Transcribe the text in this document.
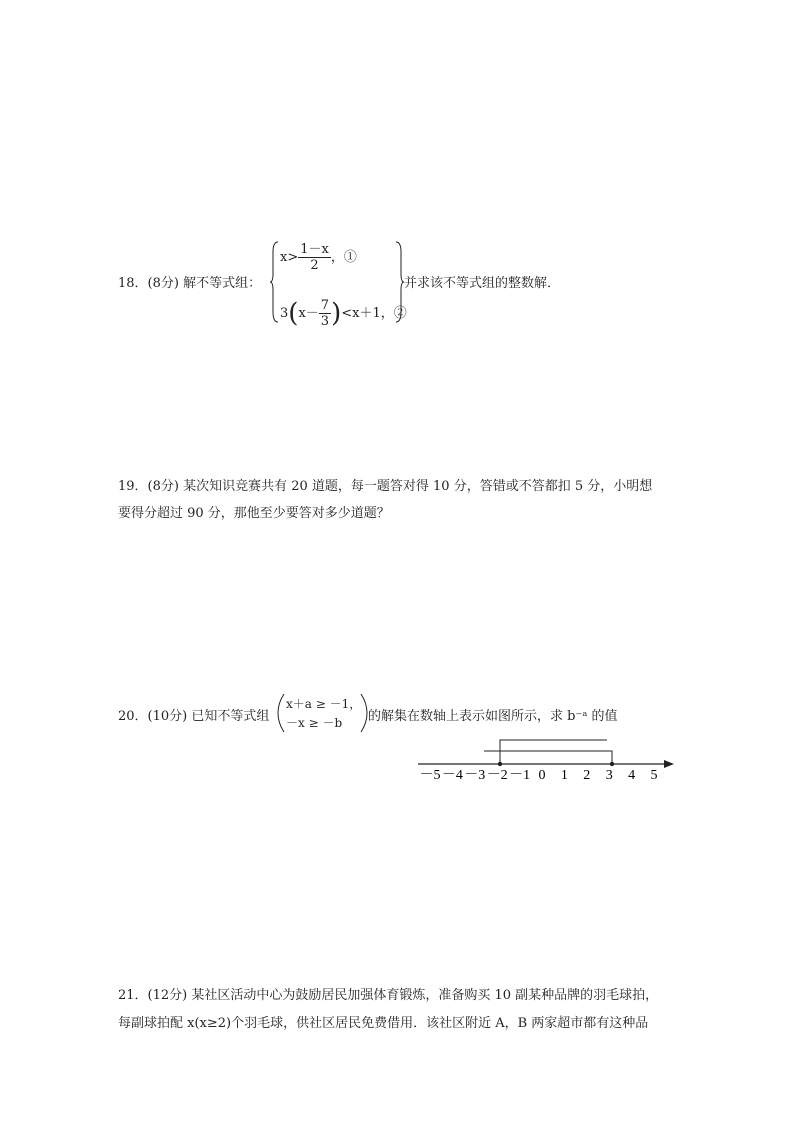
18．(8分) 解不等式组：
$x> \frac{1-x}{2}$ ，①
$3(x- \frac{7}{3} )<x+1$，②
并求该不等式组的整数解．
19．(8分) 某次知识竞赛共有 20 道题，每一题答对得 10 分，答错或不答都扣 5 分，小明想
要得分超过 90 分，那他至少要答对多少道题？
20．(10分) 已知不等式组
x＋a ≥ －1，
－x ≥ －b 的解集在数轴上表示如图所示，求 b⁻ᵃ 的值
－5 －4 －3 －2 －1 0 1 2 3 4 5
21．(12分) 某社区活动中心为鼓励居民加强体育锻炼，准备购买 10 副某种品牌的羽毛球拍，
每副球拍配 x(x≥2)个羽毛球，供社区居民免费借用．该社区附近 A，B 两家超市都有这种品
